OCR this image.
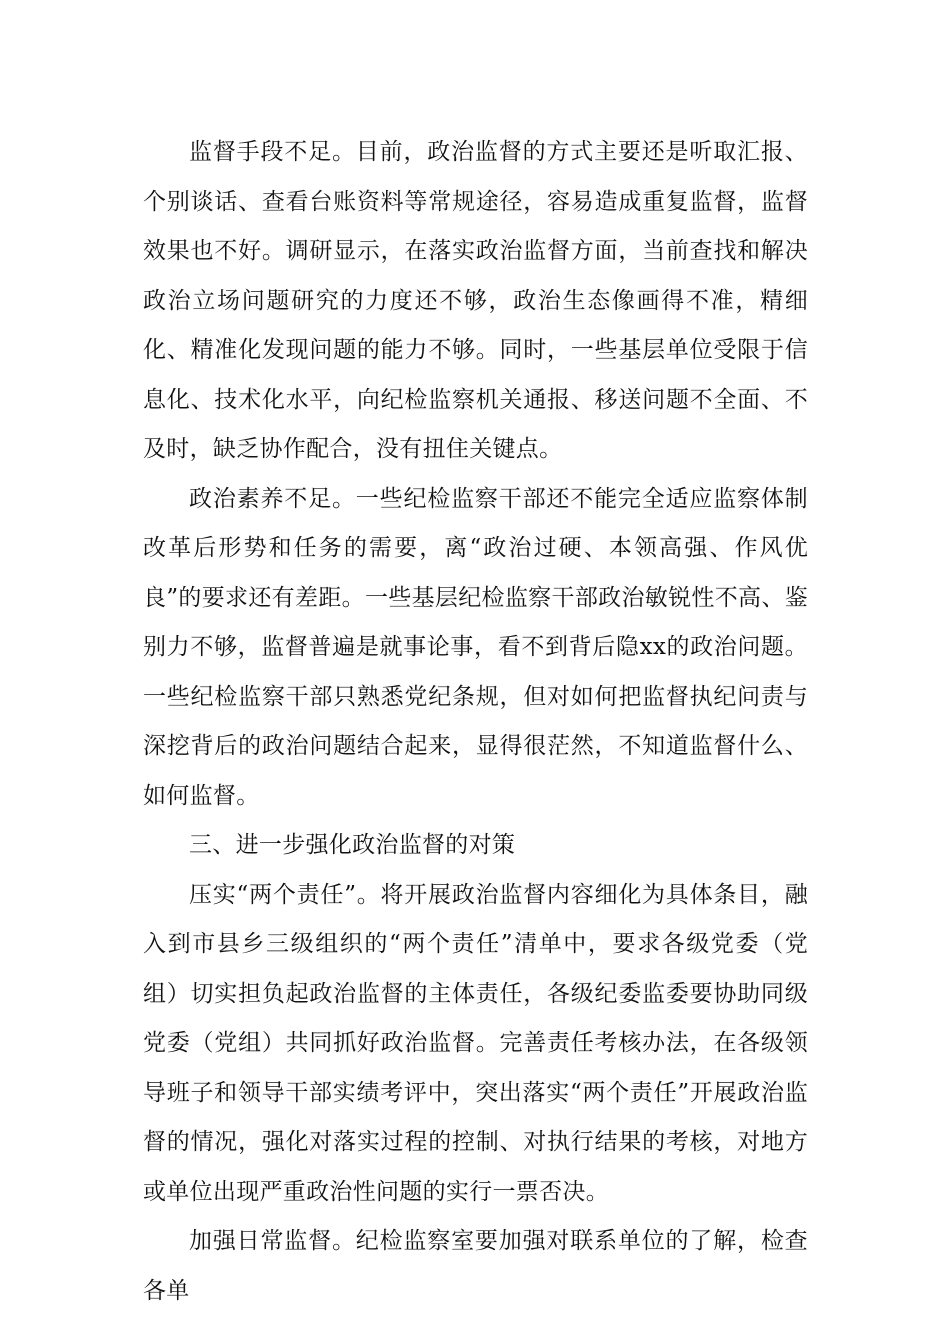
监督手段不足。目前，政治监督的方式主要还是听取汇报、个别谈话、查看台账资料等常规途径，容易造成重复监督，监督效果也不好。调研显示，在落实政治监督方面，当前查找和解决政治立场问题研究的力度还不够，政治生态像画得不准，精细化、精准化发现问题的能力不够。同时，一些基层单位受限于信息化、技术化水平，向纪检监察机关通报、移送问题不全面、不及时，缺乏协作配合，没有扭住关键点。

政治素养不足。一些纪检监察干部还不能完全适应监察体制改革后形势和任务的需要，离“政治过硬、本领高强、作风优良”的要求还有差距。一些基层纪检监察干部政治敏锐性不高、鉴别力不够，监督普遍是就事论事，看不到背后隐xx的政治问题。一些纪检监察干部只熟悉党纪条规，但对如何把监督执纪问责与深挖背后的政治问题结合起来，显得很茫然，不知道监督什么、如何监督。

三、进一步强化政治监督的对策

压实“两个责任”。将开展政治监督内容细化为具体条目，融入到市县乡三级组织的“两个责任”清单中，要求各级党委（党组）切实担负起政治监督的主体责任，各级纪委监委要协助同级党委（党组）共同抓好政治监督。完善责任考核办法，在各级领导班子和领导干部实绩考评中，突出落实“两个责任”开展政治监督的情况，强化对落实过程的控制、对执行结果的考核，对地方或单位出现严重政治性问题的实行一票否决。

加强日常监督。纪检监察室要加强对联系单位的了解，检查各单
